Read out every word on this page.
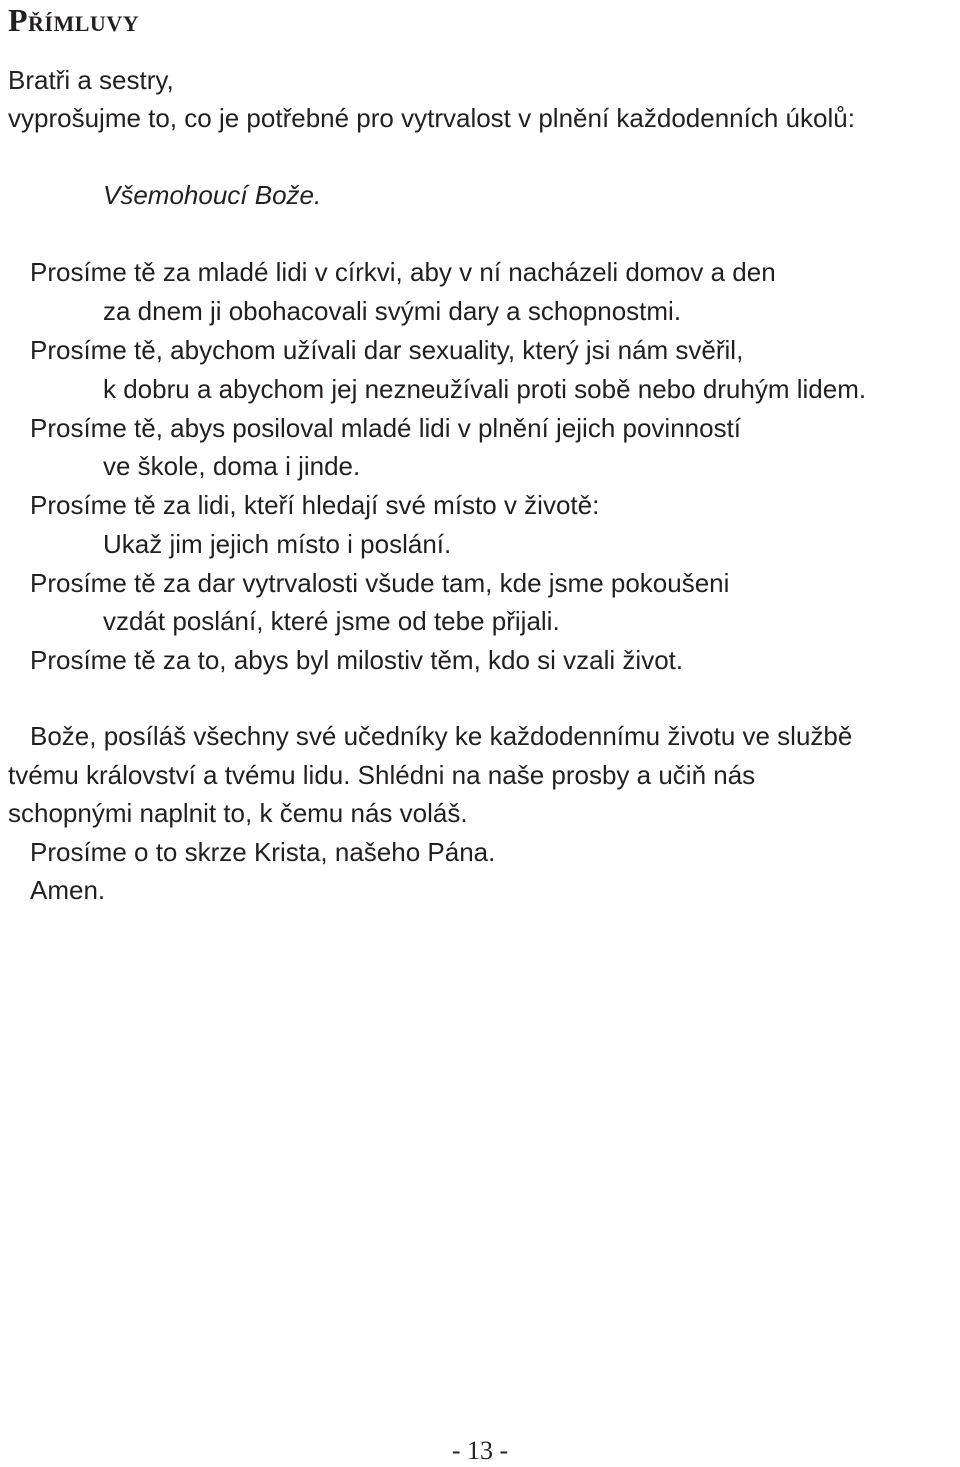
Přímluvy
Bratři a sestry,
vyprošujme to, co je potřebné pro vytrvalost v plnění každodenních úkolů:
Všemohoucí Bože.
Prosíme tě za mladé lidi v církvi, aby v ní nacházeli domov a den
za dnem ji obohacovali svými dary a schopnostmi.
Prosíme tě, abychom užívali dar sexuality, který jsi nám svěřil,
k dobru a abychom jej nezneužívali proti sobě nebo druhým lidem.
Prosíme tě, abys posiloval mladé lidi v plnění jejich povinností
ve škole, doma i jinde.
Prosíme tě za lidi, kteří hledají své místo v životě:
Ukaž jim jejich místo i poslání.
Prosíme tě za dar vytrvalosti všude tam, kde jsme pokoušeni
vzdát poslání, které jsme od tebe přijali.
Prosíme tě za to, abys byl milostiv těm, kdo si vzali život.
Bože, posíláš všechny své učedníky ke každodennímu životu ve službě
tvému království a tvému lidu. Shlédni na naše prosby a učiň nás
schopnými naplnit to, k čemu nás voláš.
Prosíme o to skrze Krista, našeho Pána.
Amen.
- 13 -
